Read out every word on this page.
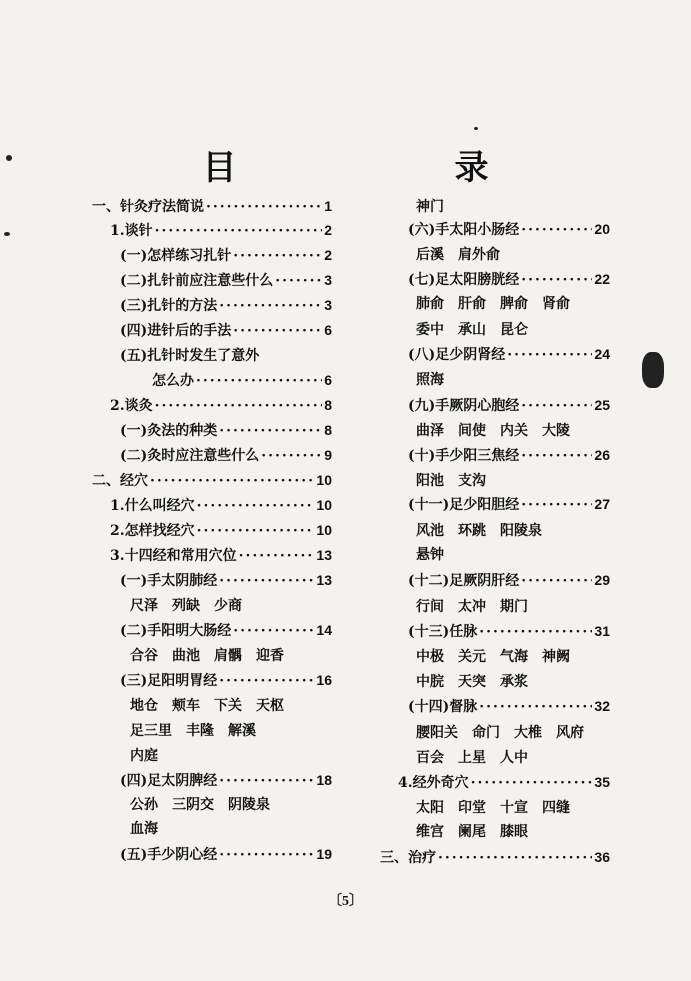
目　　录
一、针灸疗法简说 ·····	1
1.谈针 ·····	2
(一)怎样练习扎针 ·····	2
(二)扎针前应注意些什么 ·····	3
(三)扎针的方法 ·····	3
(四)进针后的手法 ·····	6
(五)扎针时发生了意外
怎么办 ·····	6
2.谈灸 ·····	8
(一)灸法的种类 ·····	8
(二)灸时应注意些什么 ·····	9
二、经穴 ·····	10
1.什么叫经穴 ·····	10
2.怎样找经穴 ·····	10
3.十四经和常用穴位 ·····	13
(一)手太阴肺经 ·····	13
尺泽　列缺　少商
(二)手阳明大肠经 ·····	14
合谷　曲池　肩髃　迎香
(三)足阳明胃经 ·····	16
地仓　颊车　下关　天枢
足三里　丰隆　解溪
内庭
(四)足太阴脾经 ·····	18
公孙　三阴交　阴陵泉
血海
(五)手少阴心经 ·····	19
神门
(六)手太阳小肠经 ·····	20
后溪　肩外俞
(七)足太阳膀胱经 ·····	22
肺俞　肝俞　脾俞　肾俞
委中　承山　昆仑
(八)足少阴肾经 ·····	24
照海
(九)手厥阴心胞经 ·····	25
曲泽　间使　内关　大陵
(十)手少阳三焦经 ·····	26
阳池　支沟
(十一)足少阳胆经 ·····	27
风池　环跳　阳陵泉
悬钟
(十二)足厥阴肝经 ·····	29
行间　太冲　期门
(十三)任脉 ·····	31
中极　关元　气海　神阙
中脘　天突　承浆
(十四)督脉 ·····	32
腰阳关　命门　大椎　风府
百会　上星　人中
4.经外奇穴 ·····	35
太阳　印堂　十宣　四缝
维宫　阑尾　膝眼
三、治疗 ·····	36
〔5〕
